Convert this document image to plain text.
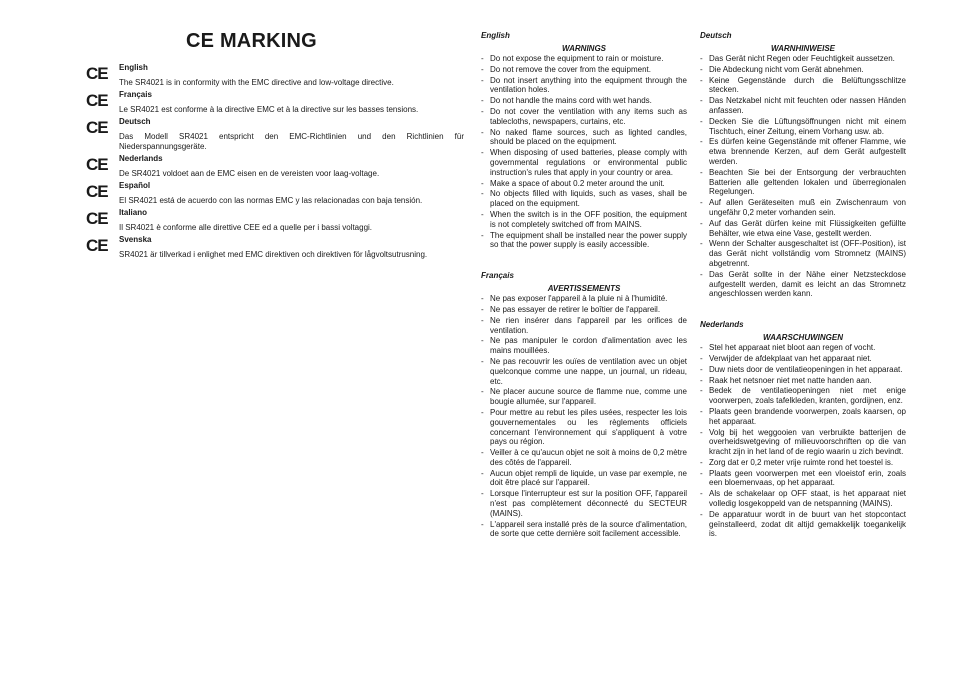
CE MARKING
CE	English
The SR4021 is in conformity with the EMC directive and low-voltage directive.
CE	Français
Le SR4021 est conforme à la directive EMC et à la directive sur les basses tensions.
CE	Deutsch
Das Modell SR4021 entspricht den EMC-Richtlinien und den Richtlinien für Niederspannungsgeräte.
CE	Nederlands
De SR4021 voldoet aan de EMC eisen en de vereisten voor laag-voltage.
CE	Español
El SR4021 está de acuerdo con las normas EMC y las relacionadas con baja tensión.
CE	Italiano
Il SR4021 è conforme alle direttive CEE ed a quelle per i bassi voltaggi.
CE	Svenska
SR4021 är tillverkad i enlighet med EMC direktiven och direktiven för lågvoltsutrusning.
English
WARNINGS
- Do not expose the equipment to rain or moisture.
- Do not remove the cover from the equipment.
- Do not insert anything into the equipment through the ventilation holes.
- Do not handle the mains cord with wet hands.
- Do not cover the ventilation with any items such as tablecloths, newspapers, curtains, etc.
- No naked flame sources, such as lighted candles, should be placed on the equipment.
- When disposing of used batteries, please comply with governmental regulations or environmental public instruction's rules that apply in your country or area.
- Make a space of about 0.2 meter around the unit.
- No objects filled with liquids, such as vases, shall be placed on the equipment.
- When the switch is in the OFF position, the equipment is not completely switched off from MAINS.
- The equipment shall be installed near the power supply so that the power supply is easily accessible.
Français
AVERTISSEMENTS
- Ne pas exposer l'appareil à la pluie ni à l'humidité.
- Ne pas essayer de retirer le boîtier de l'appareil.
- Ne rien insérer dans l'appareil par les orifices de ventilation.
- Ne pas manipuler le cordon d'alimentation avec les mains mouillées.
- Ne pas recouvrir les ouïes de ventilation avec un objet quelconque comme une nappe, un journal, un rideau, etc.
- Ne placer aucune source de flamme nue, comme une bougie allumée, sur l'appareil.
- Pour mettre au rebut les piles usées, respecter les lois gouvernementales ou les règlements officiels concernant l'environnement qui s'appliquent à votre pays ou région.
- Veiller à ce qu'aucun objet ne soit à moins de 0,2 mètre des côtés de l'appareil.
- Aucun objet rempli de liquide, un vase par exemple, ne doit être placé sur l'appareil.
- Lorsque l'interrupteur est sur la position OFF, l'appareil n'est pas complètement déconnecté du SECTEUR (MAINS).
- L'appareil sera installé près de la source d'alimentation, de sorte que cette dernière soit facilement accessible.
Deutsch
WARNHINWEISE
- Das Gerät nicht Regen oder Feuchtigkeit aussetzen.
- Die Abdeckung nicht vom Gerät abnehmen.
- Keine Gegenstände durch die Belüftungsschlitze stecken.
- Das Netzkabel nicht mit feuchten oder nassen Händen anfassen.
- Decken Sie die Lüftungsöffnungen nicht mit einem Tischtuch, einer Zeitung, einem Vorhang usw. ab.
- Es dürfen keine Gegenstände mit offener Flamme, wie etwa brennende Kerzen, auf dem Gerät aufgestellt werden.
- Beachten Sie bei der Entsorgung der verbrauchten Batterien alle geltenden lokalen und überregionalen Regelungen.
- Auf allen Geräteseiten muß ein Zwischenraum von ungefähr 0,2 meter vorhanden sein.
- Auf das Gerät dürfen keine mit Flüssigkeiten gefüllte Behälter, wie etwa eine Vase, gestellt werden.
- Wenn der Schalter ausgeschaltet ist (OFF-Position), ist das Gerät nicht vollständig vom Stromnetz (MAINS) abgetrennt.
- Das Gerät sollte in der Nähe einer Netzsteckdose aufgestellt werden, damit es leicht an das Stromnetz angeschlossen werden kann.
Nederlands
WAARSCHUWINGEN
- Stel het apparaat niet bloot aan regen of vocht.
- Verwijder de afdekplaat van het apparaat niet.
- Duw niets door de ventilatieopeningen in het apparaat.
- Raak het netsnoer niet met natte handen aan.
- Bedek de ventilatieopeningen niet met enige voorwerpen, zoals tafelkleden, kranten, gordijnen, enz.
- Plaats geen brandende voorwerpen, zoals kaarsen, op het apparaat.
- Volg bij het weggooien van verbruikte batterijen de overheidswetgeving of milieuvoorschriften op die van kracht zijn in het land of de regio waarin u zich bevindt.
- Zorg dat er 0,2 meter vrije ruimte rond het toestel is.
- Plaats geen voorwerpen met een vloeistof erin, zoals een bloemenvaas, op het apparaat.
- Als de schakelaar op OFF staat, is het apparaat niet volledig losgekoppeld van de netspanning (MAINS).
- De apparatuur wordt in de buurt van het stopcontact geïnstalleerd, zodat dit altijd gemakkelijk toegankelijk is.
